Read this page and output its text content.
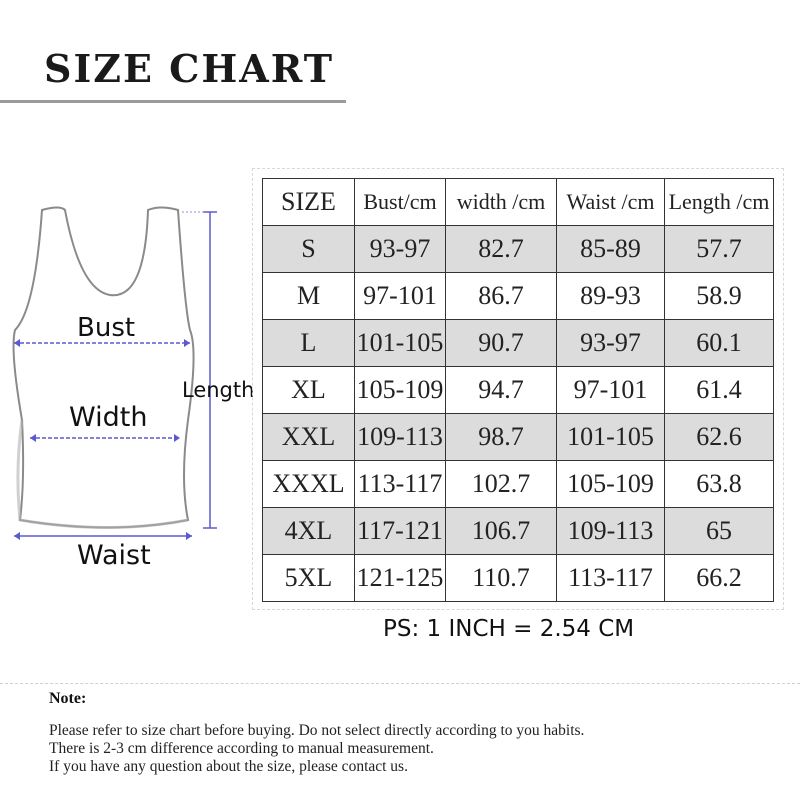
SIZE CHART
Bust
Width
Waist
Length
SIZE	Bust/cm	width /cm	Waist /cm	Length /cm
S	93-97	82.7	85-89	57.7
M	97-101	86.7	89-93	58.9
L	101-105	90.7	93-97	60.1
XL	105-109	94.7	97-101	61.4
XXL	109-113	98.7	101-105	62.6
XXXL	113-117	102.7	105-109	63.8
4XL	117-121	106.7	109-113	65
5XL	121-125	110.7	113-117	66.2
PS: 1 INCH = 2.54 CM
Note:
Please refer to size chart before buying. Do not select directly according to you habits.
There is 2-3 cm difference according to manual measurement.
If you have any question about the size, please contact us.
